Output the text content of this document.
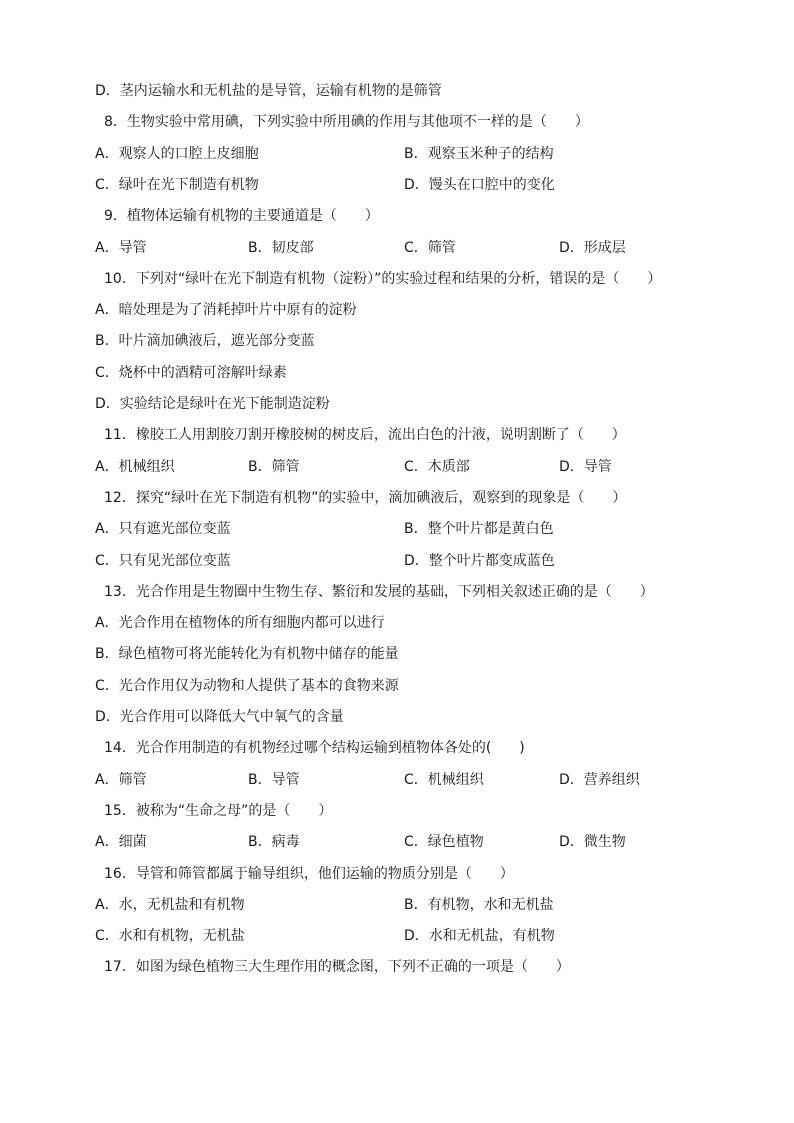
D．茎内运输水和无机盐的是导管，运输有机物的是筛管
8．生物实验中常用碘，下列实验中所用碘的作用与其他项不一样的是（　　）
A．观察人的口腔上皮细胞	B．观察玉米种子的结构
C．绿叶在光下制造有机物	D．馒头在口腔中的变化
9．植物体运输有机物的主要通道是（　　）
A．导管	B．韧皮部	C．筛管	D．形成层
10．下列对“绿叶在光下制造有机物（淀粉）”的实验过程和结果的分析，错误的是（　　）
A．暗处理是为了消耗掉叶片中原有的淀粉
B．叶片滴加碘液后，遮光部分变蓝
C．烧杯中的酒精可溶解叶绿素
D．实验结论是绿叶在光下能制造淀粉
11．橡胶工人用割胶刀割开橡胶树的树皮后，流出白色的汁液，说明割断了（　　）
A．机械组织	B．筛管	C．木质部	D．导管
12．探究“绿叶在光下制造有机物”的实验中，滴加碘液后，观察到的现象是（　　）
A．只有遮光部位变蓝	B．整个叶片都是黄白色
C．只有见光部位变蓝	D．整个叶片都变成蓝色
13．光合作用是生物圈中生物生存、繁衍和发展的基础，下列相关叙述正确的是（　　）
A．光合作用在植物体的所有细胞内都可以进行
B．绿色植物可将光能转化为有机物中储存的能量
C．光合作用仅为动物和人提供了基本的食物来源
D．光合作用可以降低大气中氧气的含量
14．光合作用制造的有机物经过哪个结构运输到植物体各处的(　　)
A．筛管	B．导管	C．机械组织	D．营养组织
15．被称为“生命之母”的是（　　）
A．细菌	B．病毒	C．绿色植物	D．微生物
16．导管和筛管都属于输导组织，他们运输的物质分别是（　　）
A．水，无机盐和有机物	B．有机物，水和无机盐
C．水和有机物，无机盐	D．水和无机盐，有机物
17．如图为绿色植物三大生理作用的概念图，下列不正确的一项是（　　）
